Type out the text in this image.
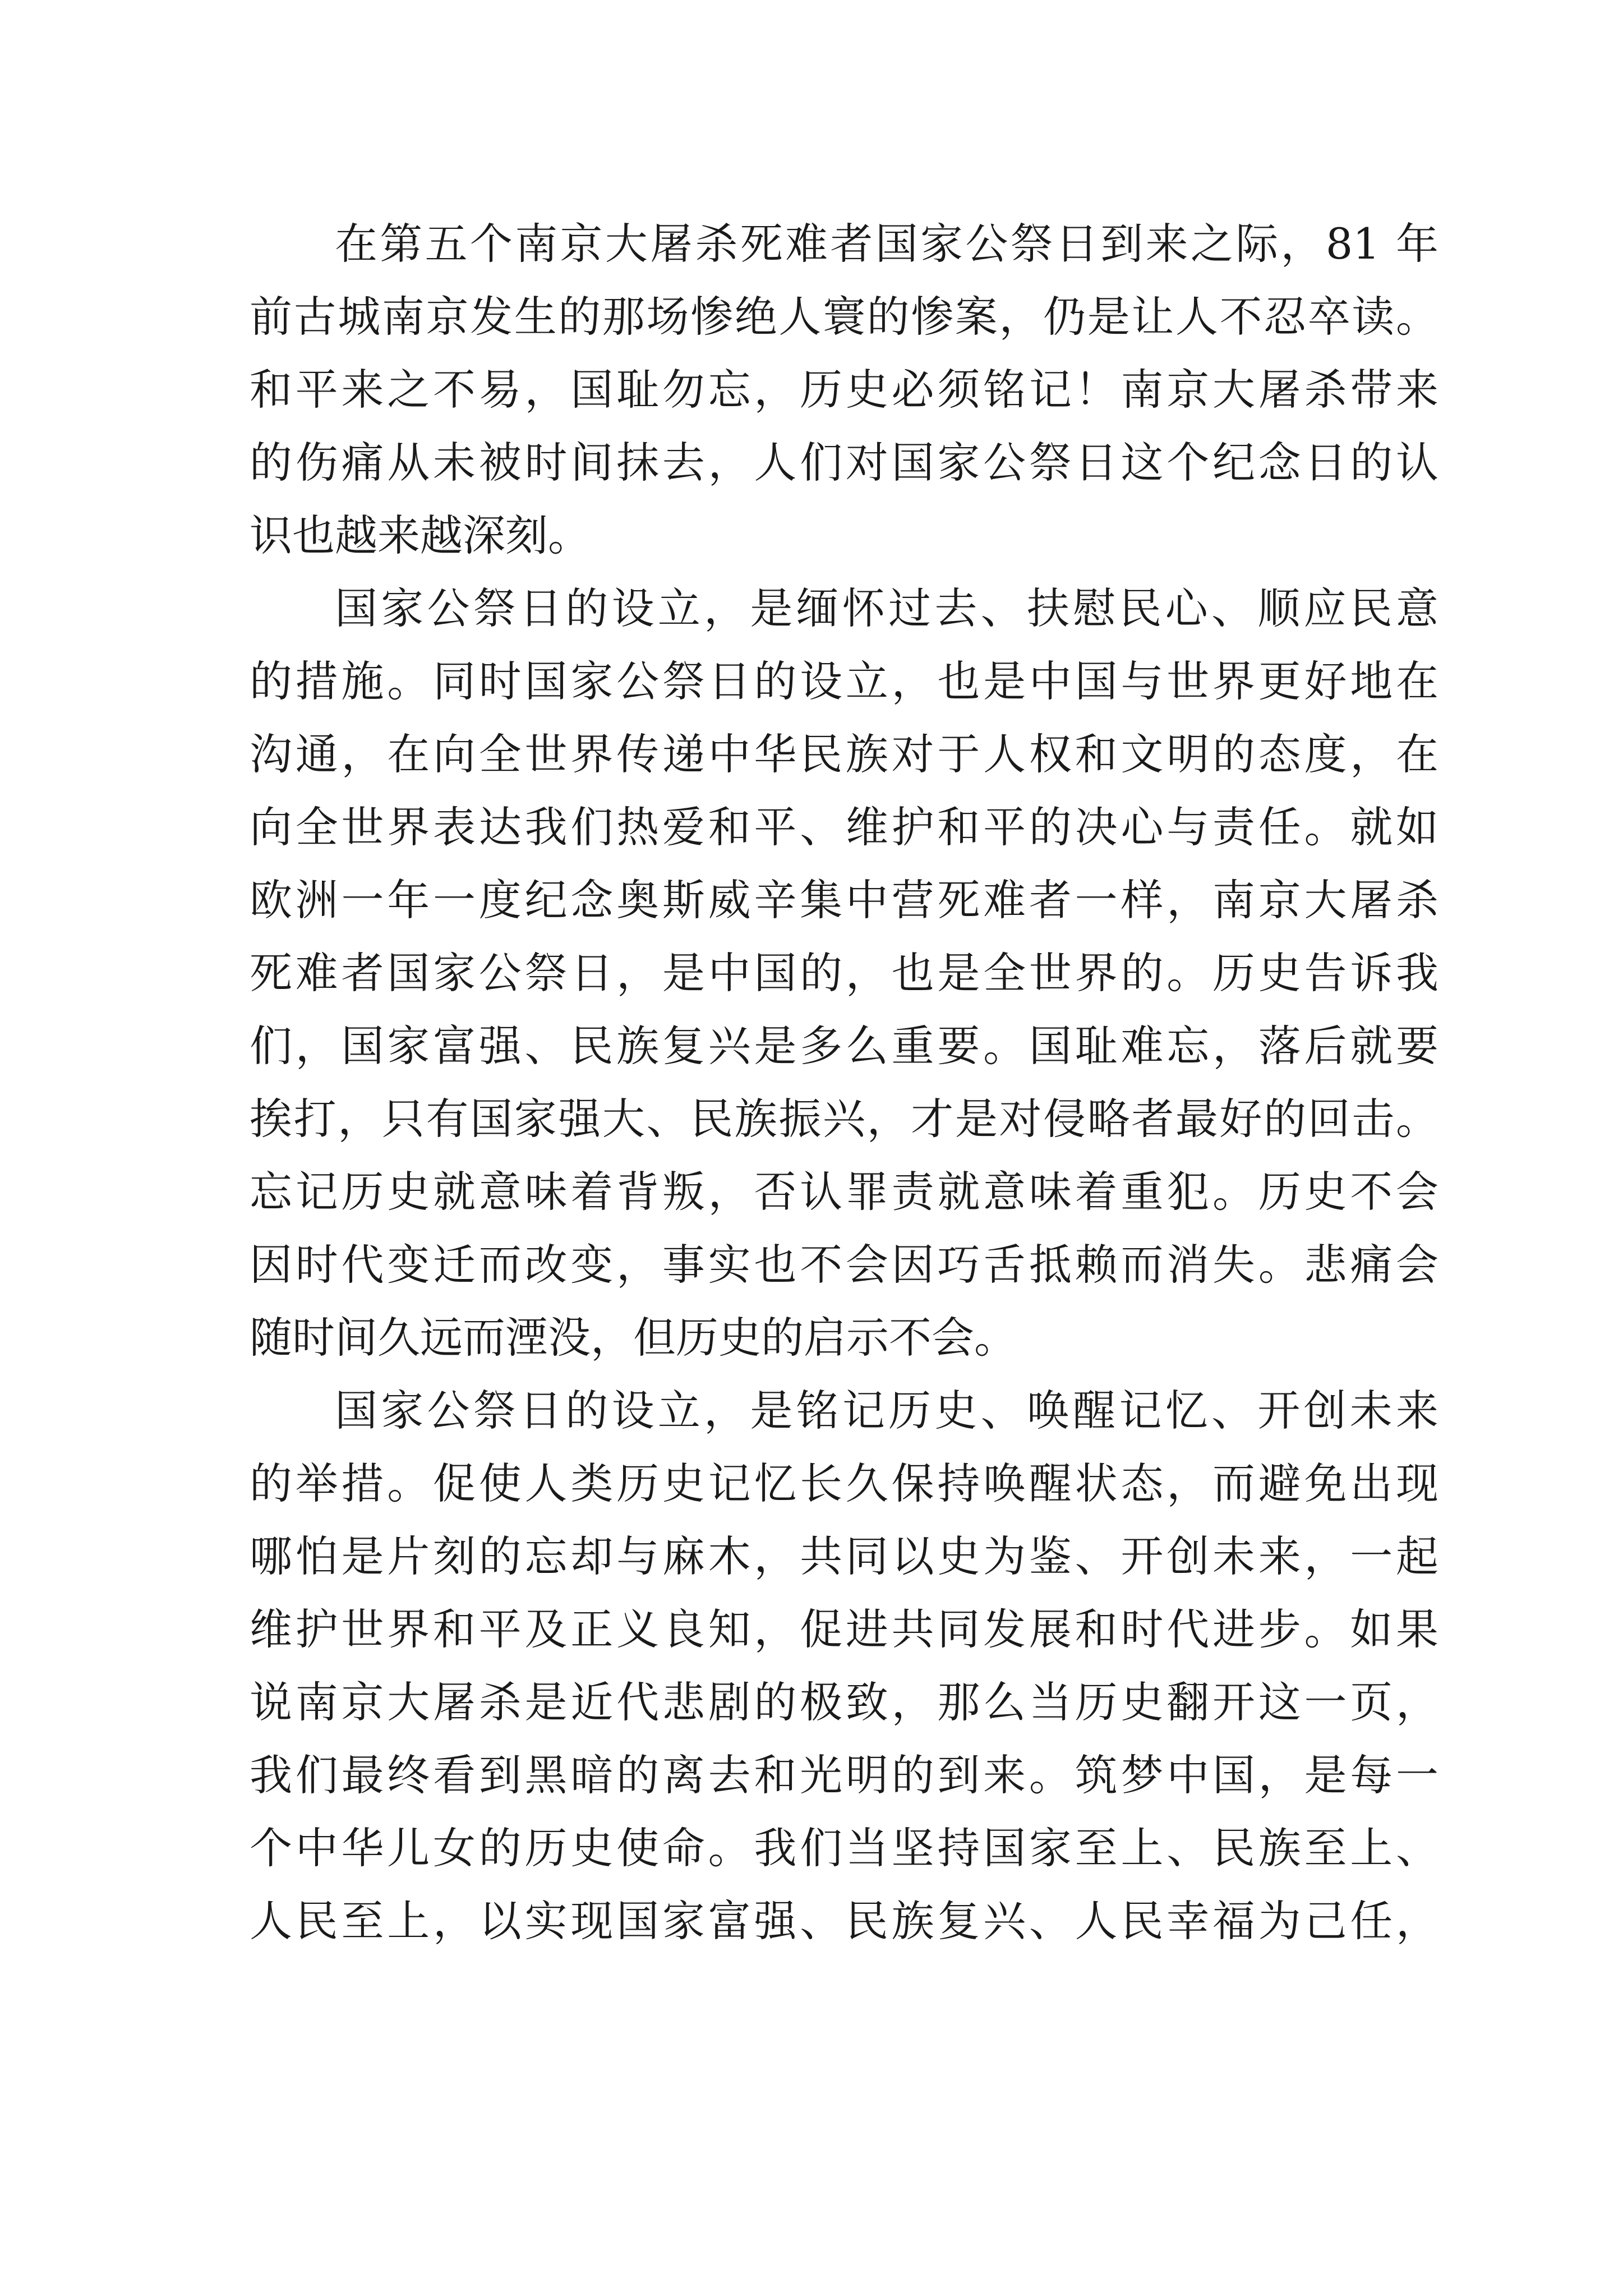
在第五个南京大屠杀死难者国家公祭日到来之际，81 年
前古城南京发生的那场惨绝人寰的惨案，仍是让人不忍卒读。
和平来之不易，国耻勿忘，历史必须铭记！南京大屠杀带来
的伤痛从未被时间抹去，人们对国家公祭日这个纪念日的认
识也越来越深刻。
国家公祭日的设立，是缅怀过去、扶慰民心、顺应民意
的措施。同时国家公祭日的设立，也是中国与世界更好地在
沟通，在向全世界传递中华民族对于人权和文明的态度，在
向全世界表达我们热爱和平、维护和平的决心与责任。就如
欧洲一年一度纪念奥斯威辛集中营死难者一样，南京大屠杀
死难者国家公祭日，是中国的，也是全世界的。历史告诉我
们，国家富强、民族复兴是多么重要。国耻难忘，落后就要
挨打，只有国家强大、民族振兴，才是对侵略者最好的回击。
忘记历史就意味着背叛，否认罪责就意味着重犯。历史不会
因时代变迁而改变，事实也不会因巧舌抵赖而消失。悲痛会
随时间久远而湮没，但历史的启示不会。
国家公祭日的设立，是铭记历史、唤醒记忆、开创未来
的举措。促使人类历史记忆长久保持唤醒状态，而避免出现
哪怕是片刻的忘却与麻木，共同以史为鉴、开创未来，一起
维护世界和平及正义良知，促进共同发展和时代进步。如果
说南京大屠杀是近代悲剧的极致，那么当历史翻开这一页，
我们最终看到黑暗的离去和光明的到来。筑梦中国，是每一
个中华儿女的历史使命。我们当坚持国家至上、民族至上、
人民至上，以实现国家富强、民族复兴、人民幸福为己任，
